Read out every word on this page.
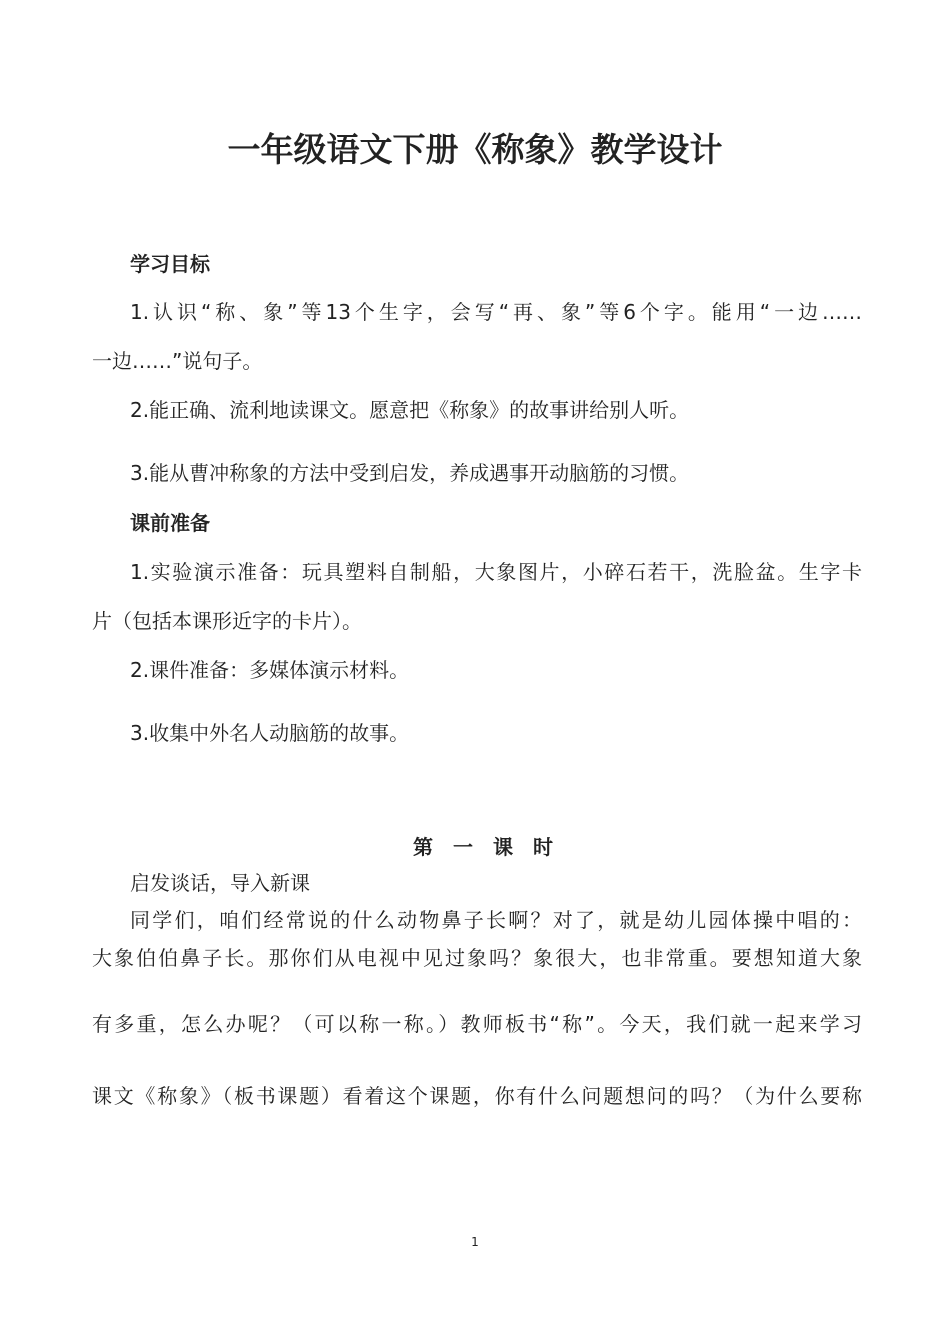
一年级语文下册《称象》教学设计

学习目标

1.认识“称、象”等13个生字，会写“再、象”等6个字。能用“一边……

一边……”说句子。

2.能正确、流利地读课文。愿意把《称象》的故事讲给别人听。

3.能从曹冲称象的方法中受到启发，养成遇事开动脑筋的习惯。

课前准备

1.实验演示准备：玩具塑料自制船，大象图片，小碎石若干，洗脸盆。生字卡

片（包括本课形近字的卡片）。

2.课件准备：多媒体演示材料。

3.收集中外名人动脑筋的故事。

第一课时

启发谈话，导入新课

同学们，咱们经常说的什么动物鼻子长啊？对了，就是幼儿园体操中唱的：

大象伯伯鼻子长。那你们从电视中见过象吗？象很大，也非常重。要想知道大象

有多重，怎么办呢？（可以称一称。）教师板书“称”。今天，我们就一起来学习

课文《称象》（板书课题）看着这个课题，你有什么问题想问的吗？（为什么要称

1
